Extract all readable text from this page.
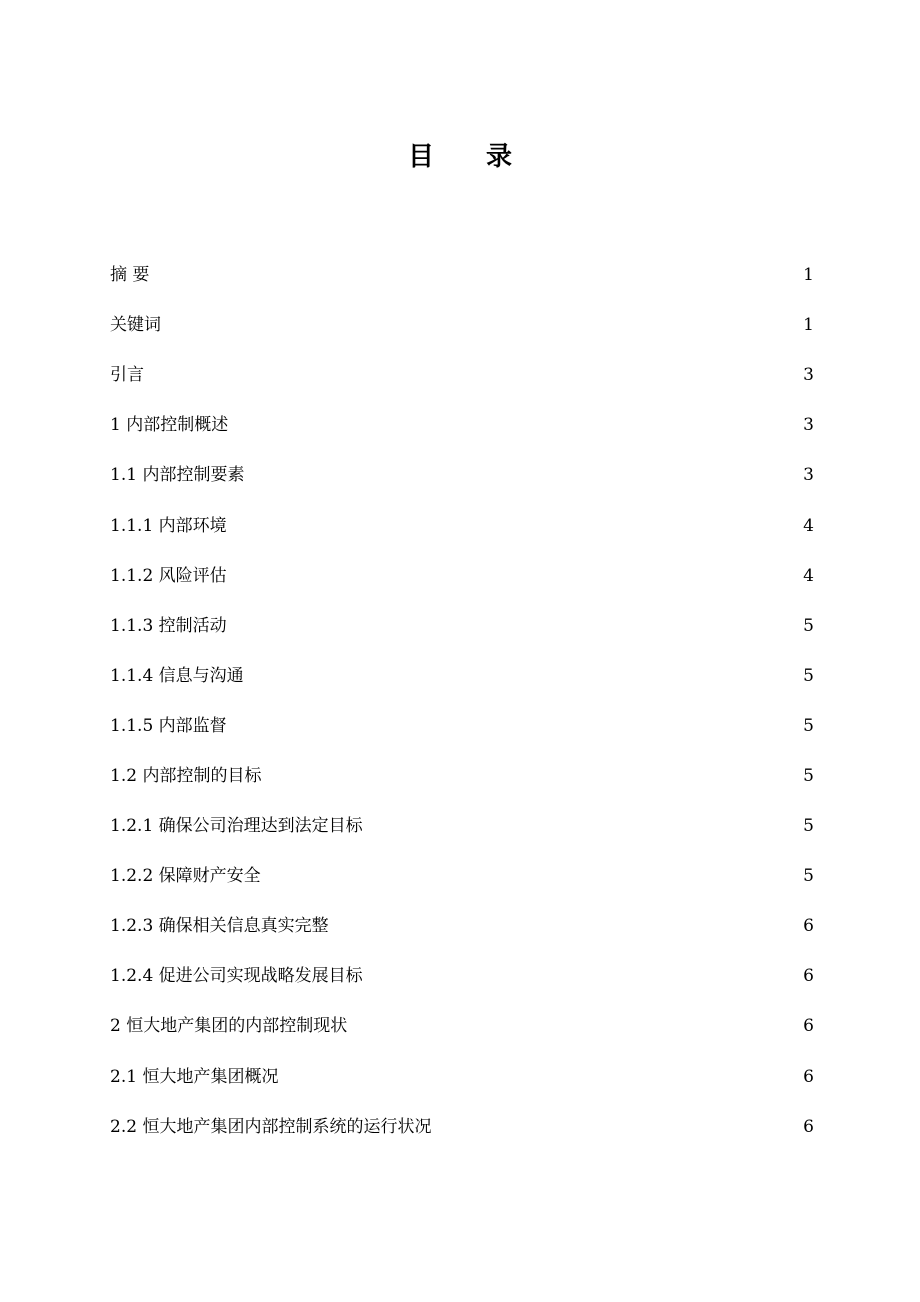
目 录
摘 要	1
关键词	1
引言	3
1 内部控制概述	3
1.1 内部控制要素	3
1.1.1 内部环境	4
1.1.2 风险评估	4
1.1.3 控制活动	5
1.1.4 信息与沟通	5
1.1.5 内部监督	5
1.2 内部控制的目标	5
1.2.1 确保公司治理达到法定目标	5
1.2.2 保障财产安全	5
1.2.3 确保相关信息真实完整	6
1.2.4 促进公司实现战略发展目标	6
2 恒大地产集团的内部控制现状	6
2.1 恒大地产集团概况	6
2.2 恒大地产集团内部控制系统的运行状况	6
